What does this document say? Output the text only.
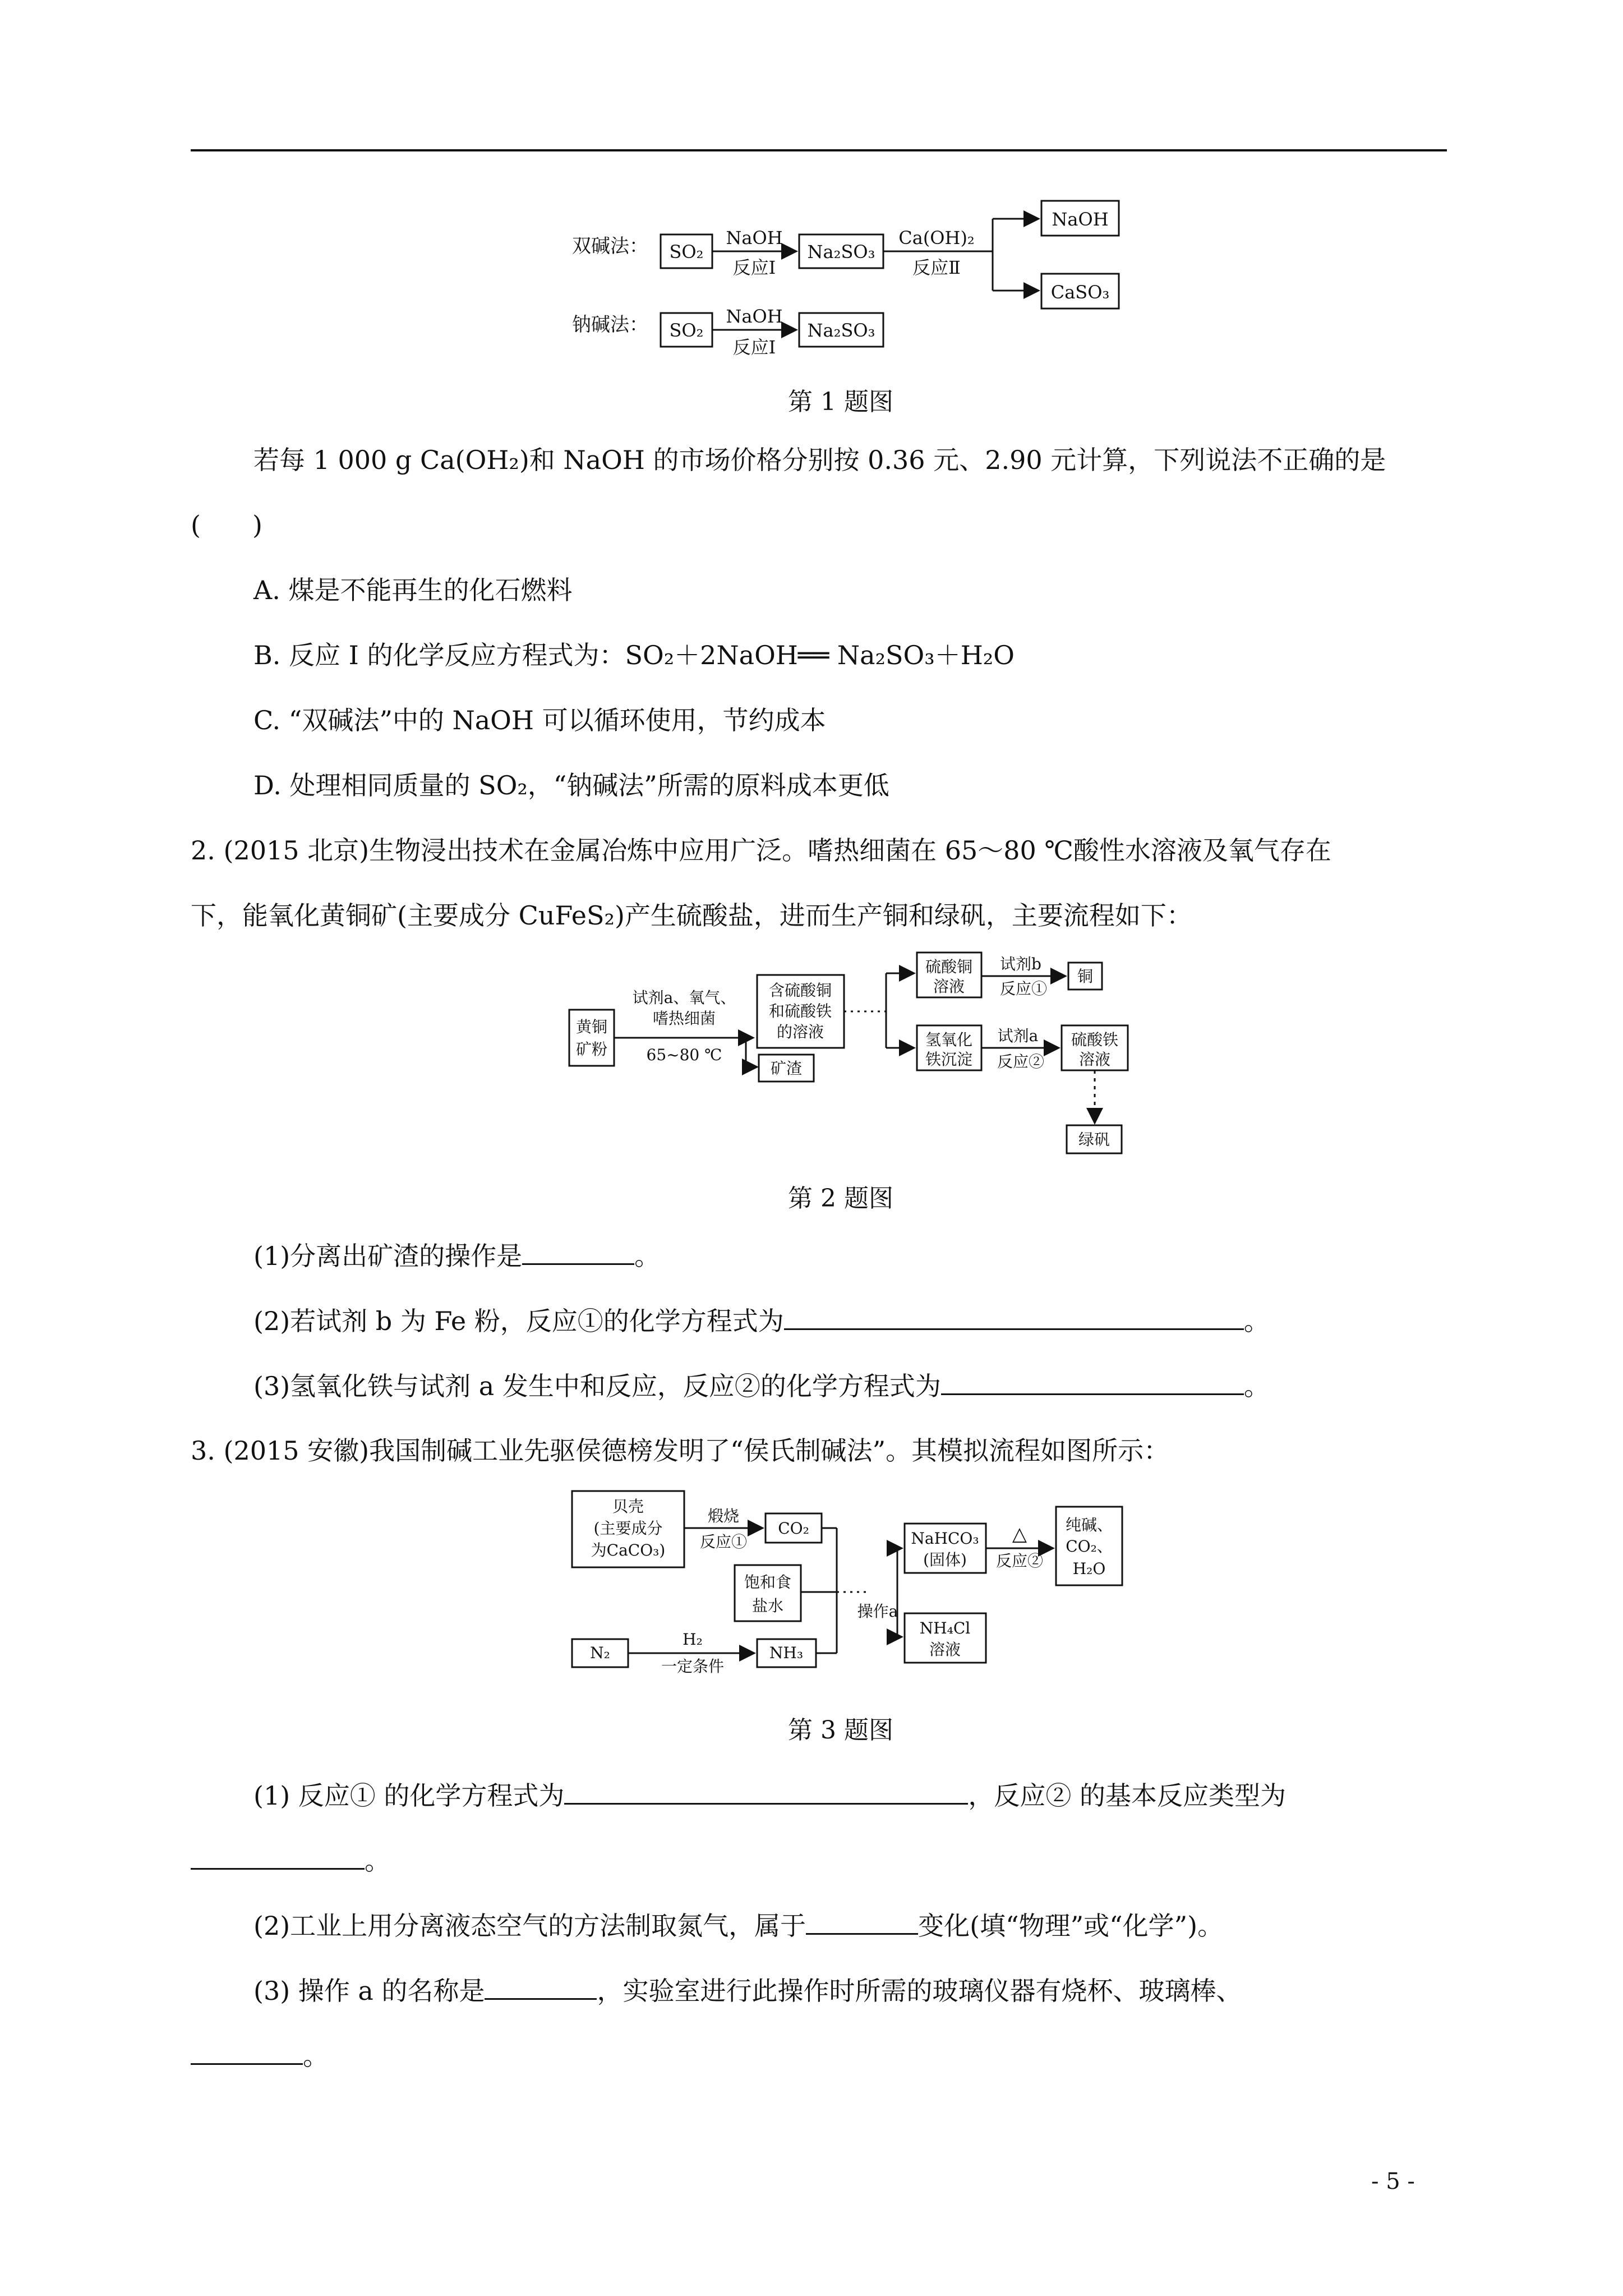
双碱法：
钠碱法：
SO₂
NaOH
反应Ⅰ
Na₂SO₃
Ca(OH)₂
反应Ⅱ
NaOH
CaSO₃
SO₂
NaOH
反应Ⅰ
Na₂SO₃
第 1 题图
若每 1 000 g Ca(OH₂)和 NaOH 的市场价格分别按 0.36 元、2.90 元计算，下列说法不正确的是
(　　)
A. 煤是不能再生的化石燃料
B. 反应 Ⅰ 的化学反应方程式为：SO₂＋2NaOH══ Na₂SO₃＋H₂O
C. “双碱法”中的 NaOH 可以循环使用，节约成本
D. 处理相同质量的 SO₂，“钠碱法”所需的原料成本更低
2. (2015 北京)生物浸出技术在金属冶炼中应用广泛。嗜热细菌在 65～80 ℃酸性水溶液及氧气存在
下，能氧化黄铜矿(主要成分 CuFeS₂)产生硫酸盐，进而生产铜和绿矾，主要流程如下：
黄铜
矿粉
试剂a、氧气、
嗜热细菌
65~80 ℃
含硫酸铜
和硫酸铁
的溶液
矿渣
硫酸铜
溶液
试剂b
反应①
铜
氢氧化
铁沉淀
试剂a
反应②
硫酸铁
溶液
绿矾
第 2 题图
(1)分离出矿渣的操作是	。
(2)若试剂 b 为 Fe 粉，反应①的化学方程式为	。
(3)氢氧化铁与试剂 a 发生中和反应，反应②的化学方程式为	。
3. (2015 安徽)我国制碱工业先驱侯德榜发明了“侯氏制碱法”。其模拟流程如图所示：
贝壳
(主要成分
为CaCO₃)
煅烧
反应①
CO₂
饱和食
盐水
N₂
H₂
一定条件
NH₃
操作a
NaHCO₃
(固体)
△
反应②
纯碱、
CO₂、
H₂O
NH₄Cl
溶液
第 3 题图
(1) 反应① 的化学方程式为	，反应② 的基本反应类型为
。
(2)工业上用分离液态空气的方法制取氮气，属于	变化(填“物理”或“化学”)。
(3) 操作 a 的名称是	，实验室进行此操作时所需的玻璃仪器有烧杯、玻璃棒、
。
- 5 -
